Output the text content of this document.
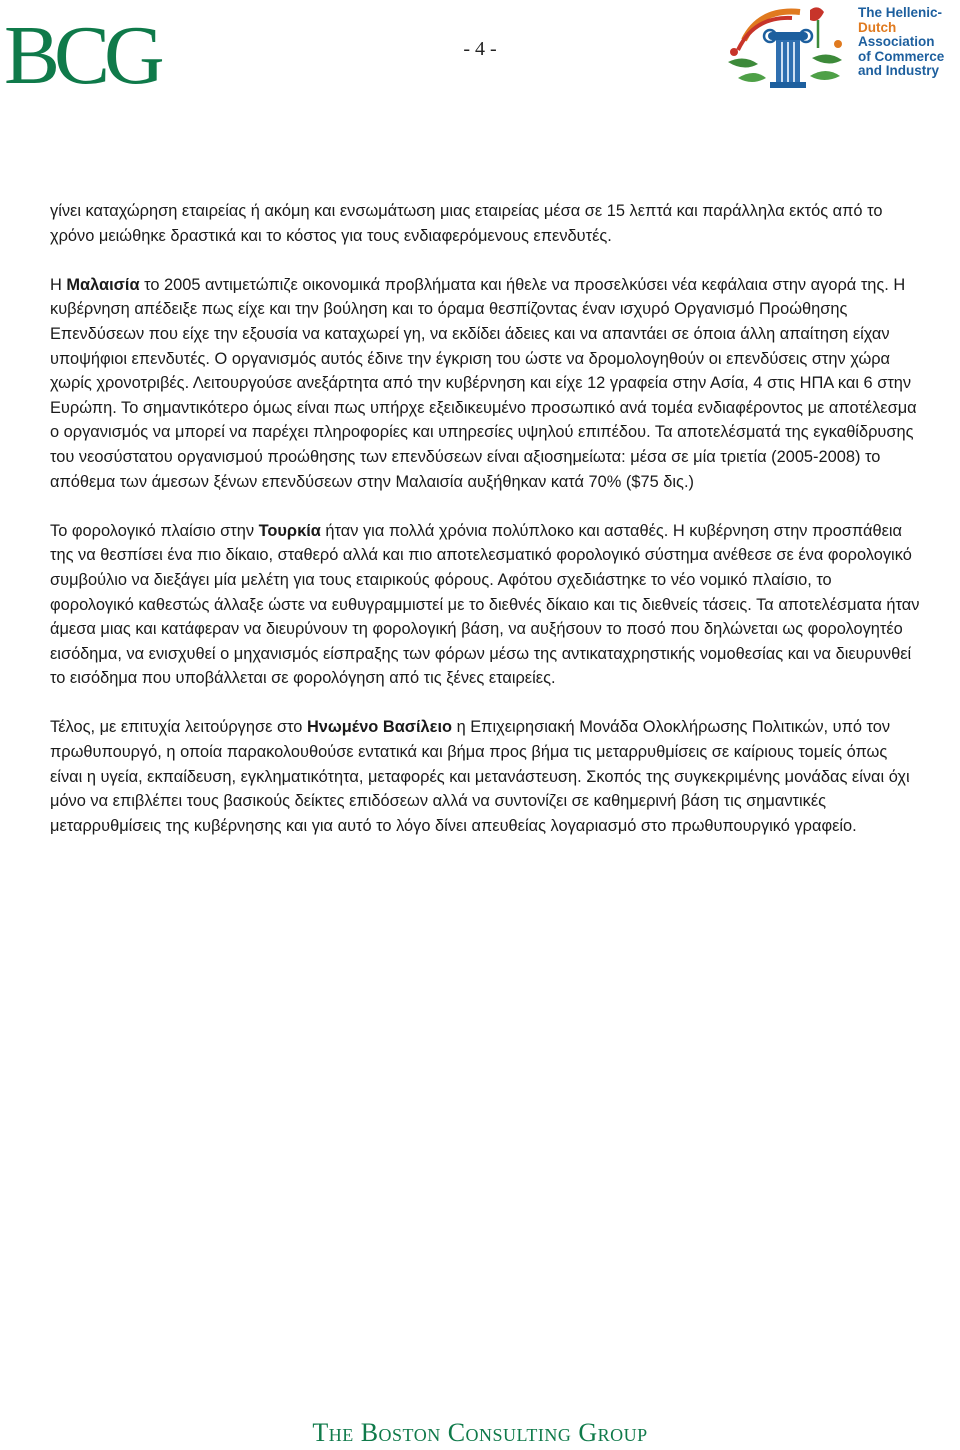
BCG	- 4 -
The Hellenic-
Dutch
Association
of Commerce
and Industry

γίνει καταχώρηση εταιρείας ή ακόμη και ενσωμάτωση μιας εταιρείας μέσα σε 15 λεπτά και παράλληλα εκτός από το χρόνο μειώθηκε δραστικά και το κόστος για τους ενδιαφερόμενους επενδυτές.

Η Μαλαισία το 2005 αντιμετώπιζε οικονομικά προβλήματα και ήθελε να προσελκύσει νέα κεφάλαια στην αγορά της. Η κυβέρνηση απέδειξε πως είχε και την βούληση και το όραμα θεσπίζοντας έναν ισχυρό Οργανισμό Προώθησης Επενδύσεων που είχε την εξουσία να καταχωρεί γη, να εκδίδει άδειες και να απαντάει σε όποια άλλη απαίτηση είχαν υποψήφιοι επενδυτές. Ο οργανισμός αυτός έδινε την έγκριση του ώστε να δρομολογηθούν οι επενδύσεις στην χώρα χωρίς χρονοτριβές. Λειτουργούσε ανεξάρτητα από την κυβέρνηση και είχε 12 γραφεία στην Ασία, 4 στις ΗΠΑ και 6 στην Ευρώπη. Το σημαντικότερο όμως είναι πως υπήρχε εξειδικευμένο προσωπικό ανά τομέα ενδιαφέροντος με αποτέλεσμα ο οργανισμός να μπορεί να παρέχει πληροφορίες και υπηρεσίες υψηλού επιπέδου. Τα αποτελέσματά της εγκαθίδρυσης του νεοσύστατου οργανισμού προώθησης των επενδύσεων είναι αξιοσημείωτα: μέσα σε μία τριετία (2005-2008) το απόθεμα των άμεσων ξένων επενδύσεων στην Μαλαισία αυξήθηκαν κατά 70% ($75 δις.)

Το φορολογικό πλαίσιο στην Τουρκία ήταν για πολλά χρόνια πολύπλοκο και ασταθές. Η κυβέρνηση στην προσπάθεια της να θεσπίσει ένα πιο δίκαιο, σταθερό αλλά και πιο αποτελεσματικό φορολογικό σύστημα ανέθεσε σε ένα φορολογικό συμβούλιο να διεξάγει μία μελέτη για τους εταιρικούς φόρους. Αφότου σχεδιάστηκε το νέο νομικό πλαίσιο, το φορολογικό καθεστώς άλλαξε ώστε να ευθυγραμμιστεί με το διεθνές δίκαιο και τις διεθνείς τάσεις. Τα αποτελέσματα ήταν άμεσα μιας και κατάφεραν να διευρύνουν τη φορολογική βάση, να αυξήσουν το ποσό που δηλώνεται ως φορολογητέο εισόδημα, να ενισχυθεί ο μηχανισμός είσπραξης των φόρων μέσω της αντικαταχρηστικής νομοθεσίας και να διευρυνθεί το εισόδημα που υποβάλλεται σε φορολόγηση από τις ξένες εταιρείες.

Τέλος, με επιτυχία λειτούργησε στο Ηνωμένο Βασίλειο η Επιχειρησιακή Μονάδα Ολοκλήρωσης Πολιτικών, υπό τον πρωθυπουργό, η οποία παρακολουθούσε εντατικά και βήμα προς βήμα τις μεταρρυθμίσεις σε καίριους τομείς όπως είναι η υγεία, εκπαίδευση, εγκληματικότητα, μεταφορές και μετανάστευση. Σκοπός της συγκεκριμένης μονάδας είναι όχι μόνο να επιβλέπει τους βασικούς δείκτες επιδόσεων αλλά να συντονίζει σε καθημερινή βάση τις σημαντικές μεταρρυθμίσεις της κυβέρνησης και για αυτό το λόγο δίνει απευθείας λογαριασμό στο πρωθυπουργικό γραφείο.

The Boston Consulting Group
